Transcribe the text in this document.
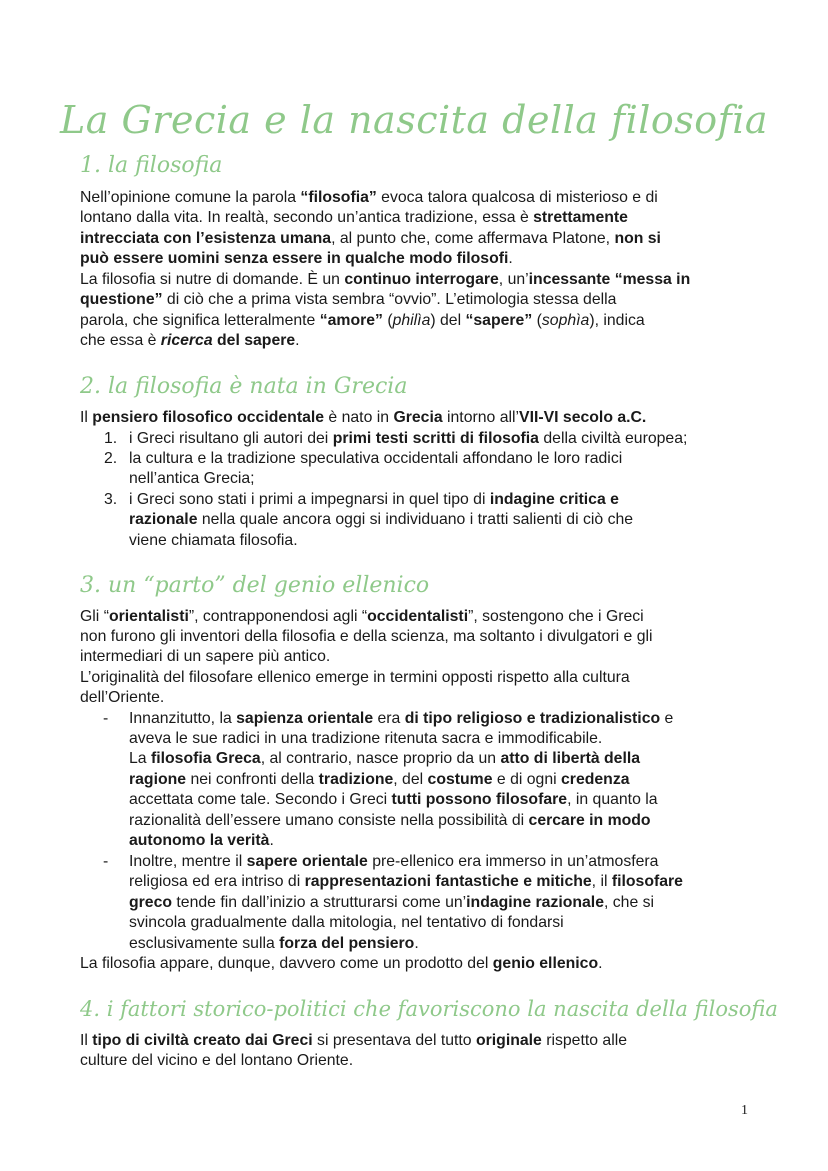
La Grecia e la nascita della filosofia
1. la filosofia
Nell’opinione comune la parola “filosofia” evoca talora qualcosa di misterioso e di
lontano dalla vita. In realtà, secondo un’antica tradizione, essa è strettamente
intrecciata con l’esistenza umana, al punto che, come affermava Platone, non si
può essere uomini senza essere in qualche modo filosofi.
La filosofia si nutre di domande. È un continuo interrogare, un’incessante “messa in
questione” di ciò che a prima vista sembra “ovvio”. L’etimologia stessa della
parola, che significa letteralmente “amore” (philìa) del “sapere” (sophìa), indica
che essa è ricerca del sapere.
2. la filosofia è nata in Grecia
Il pensiero filosofico occidentale è nato in Grecia intorno all’VII-VI secolo a.C.
1. i Greci risultano gli autori dei primi testi scritti di filosofia della civiltà europea;
2. la cultura e la tradizione speculativa occidentali affondano le loro radici
nell’antica Grecia;
3. i Greci sono stati i primi a impegnarsi in quel tipo di indagine critica e
razionale nella quale ancora oggi si individuano i tratti salienti di ciò che
viene chiamata filosofia.
3. un “parto” del genio ellenico
Gli “orientalisti”, contrapponendosi agli “occidentalisti”, sostengono che i Greci
non furono gli inventori della filosofia e della scienza, ma soltanto i divulgatori e gli
intermediari di un sapere più antico.
L’originalità del filosofare ellenico emerge in termini opposti rispetto alla cultura
dell’Oriente.
- Innanzitutto, la sapienza orientale era di tipo religioso e tradizionalistico e
aveva le sue radici in una tradizione ritenuta sacra e immodificabile.
La filosofia Greca, al contrario, nasce proprio da un atto di libertà della
ragione nei confronti della tradizione, del costume e di ogni credenza
accettata come tale. Secondo i Greci tutti possono filosofare, in quanto la
razionalità dell’essere umano consiste nella possibilità di cercare in modo
autonomo la verità.
- Inoltre, mentre il sapere orientale pre-ellenico era immerso in un’atmosfera
religiosa ed era intriso di rappresentazioni fantastiche e mitiche, il filosofare
greco tende fin dall’inizio a strutturarsi come un’indagine razionale, che si
svincola gradualmente dalla mitologia, nel tentativo di fondarsi
esclusivamente sulla forza del pensiero.
La filosofia appare, dunque, davvero come un prodotto del genio ellenico.
4. i fattori storico-politici che favoriscono la nascita della filosofia
Il tipo di civiltà creato dai Greci si presentava del tutto originale rispetto alle
culture del vicino e del lontano Oriente.
1
